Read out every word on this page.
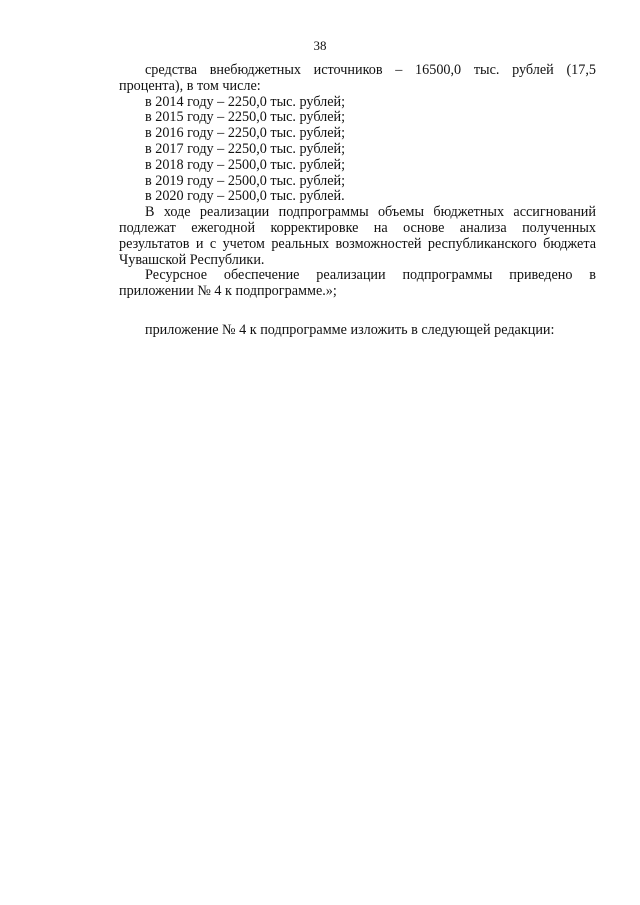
38

средства внебюджетных источников – 16500,0 тыс. рублей (17,5 процента), в том числе:

в 2014 году – 2250,0 тыс. рублей;

в 2015 году – 2250,0 тыс. рублей;

в 2016 году – 2250,0 тыс. рублей;

в 2017 году – 2250,0 тыс. рублей;

в 2018 году – 2500,0 тыс. рублей;

в 2019 году – 2500,0 тыс. рублей;

в 2020 году – 2500,0 тыс. рублей.

В ходе реализации подпрограммы объемы бюджетных ассигнований подлежат ежегодной корректировке на основе анализа полученных результатов и с учетом реальных возможностей республиканского бюджета Чувашской Республики.

Ресурсное обеспечение реализации подпрограммы приведено в приложении № 4 к подпрограмме.»;

приложение № 4 к подпрограмме изложить в следующей редакции:
